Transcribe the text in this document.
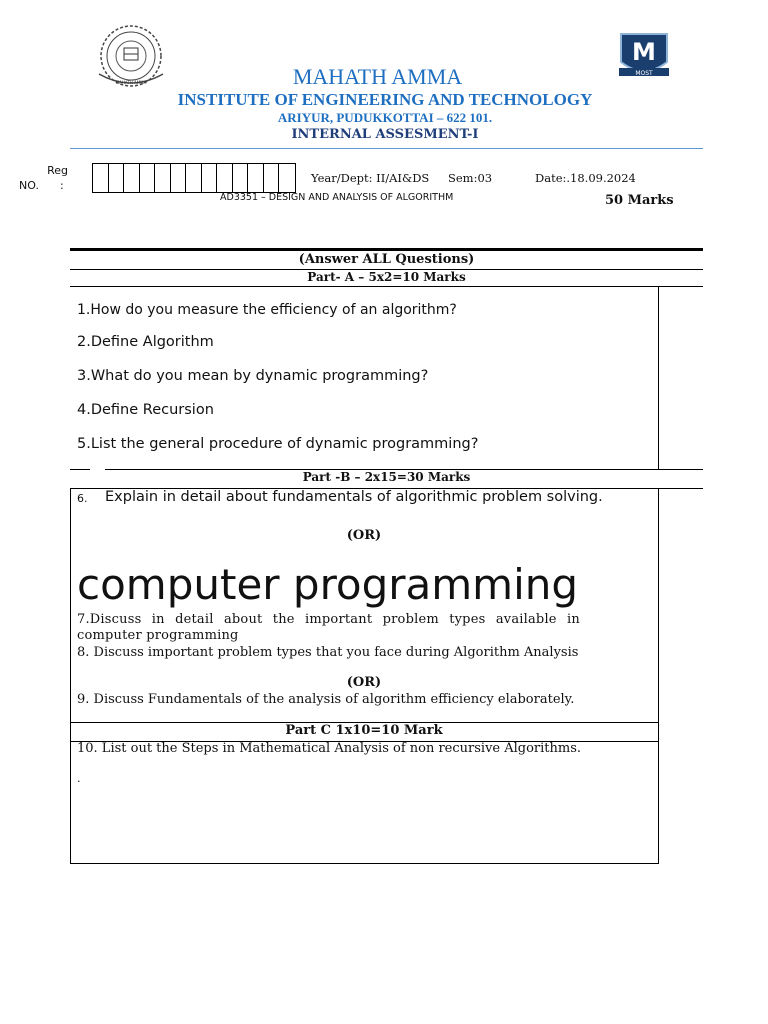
MAHATH AMMA
M
MOST
MAHATH AMMA
INSTITUTE OF ENGINEERING AND TECHNOLOGY
ARIYUR, PUDUKKOTTAI – 622 101.
INTERNAL ASSESMENT-I
Reg
NO. :
Year/Dept: II/AI&DS Sem:03	Date:.18.09.2024
AD3351 – DESIGN AND ANALYSIS OF ALGORITHM	50 Marks
(Answer ALL Questions)
Part- A – 5x2=10 Marks
1.How do you measure the efficiency of an algorithm?
2.Define Algorithm
3.What do you mean by dynamic programming?
4.Define Recursion
5.List the general procedure of dynamic programming?
Part -B – 2x15=30 Marks
6. Explain in detail about fundamentals of algorithmic problem solving.
(OR)
computer programming
7.Discuss in detail about the important problem types available in computer programming
8. Discuss important problem types that you face during Algorithm Analysis
(OR)
9. Discuss Fundamentals of the analysis of algorithm efficiency elaborately.
Part C 1x10=10 Mark
10. List out the Steps in Mathematical Analysis of non recursive Algorithms.
.
